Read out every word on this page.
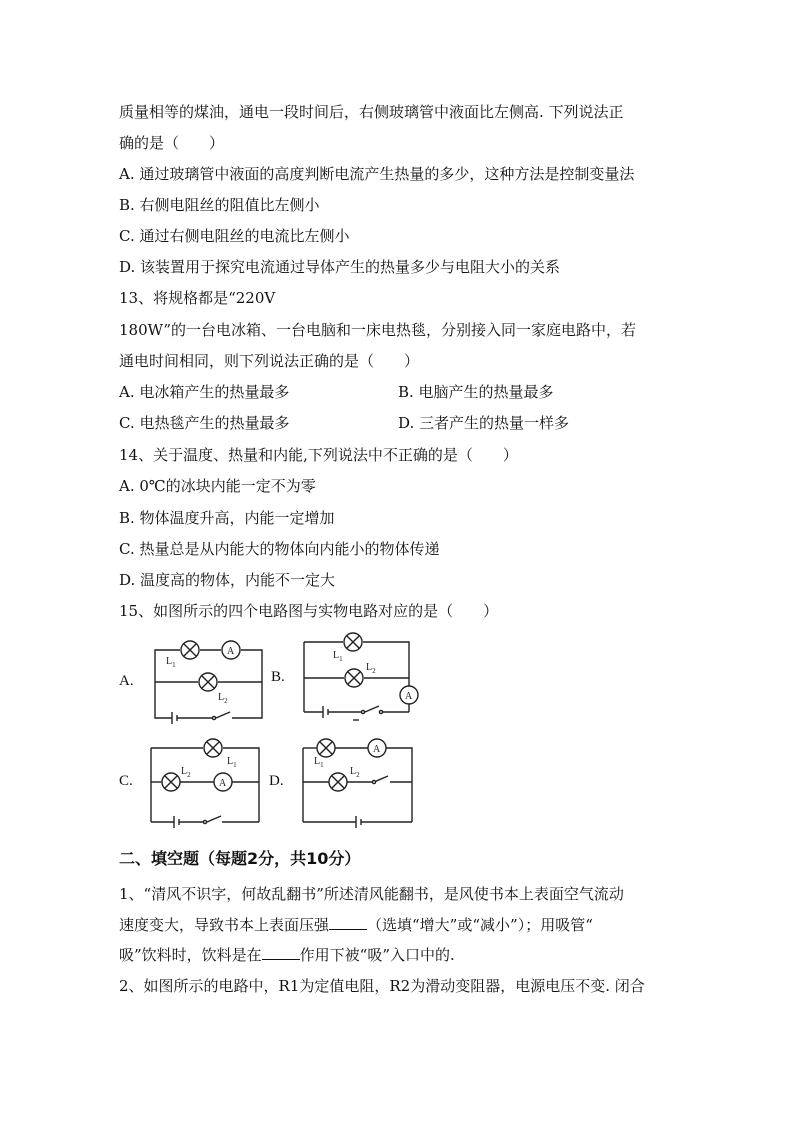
质量相等的煤油，通电一段时间后，右侧玻璃管中液面比左侧高. 下列说法正
确的是（　　）
A. 通过玻璃管中液面的高度判断电流产生热量的多少，这种方法是控制变量法
B. 右侧电阻丝的阻值比左侧小
C. 通过右侧电阻丝的电流比左侧小
D. 该装置用于探究电流通过导体产生的热量多少与电阻大小的关系
13、将规格都是“220V
180W”的一台电冰箱、一台电脑和一床电热毯，分别接入同一家庭电路中，若
通电时间相同，则下列说法正确的是（　　）
A. 电冰箱产生的热量最多	B. 电脑产生的热量最多
C. 电热毯产生的热量最多	D. 三者产生的热量一样多
14、关于温度、热量和内能,下列说法中不正确的是（　　）
A. 0℃的冰块内能一定不为零
B. 物体温度升高，内能一定增加
C. 热量总是从内能大的物体向内能小的物体传递
D. 温度高的物体，内能不一定大
15、如图所示的四个电路图与实物电路对应的是（　　）
A.	B.
C.	D.
A
$L_1$
$L_2$	A
$L_1$
$L_2$
A
$L_1$
$L_2$
A
$L_1$
$L_2$
二、填空题（每题2分，共10分）
1、“清风不识字，何故乱翻书”所述清风能翻书，是风使书本上表面空气流动
速度变大，导致书本上表面压强	（选填“增大”或“减小”）；用吸管“
吸”饮料时，饮料是在	作用下被“吸”入口中的.
2、如图所示的电路中，R1为定值电阻，R2为滑动变阻器，电源电压不变. 闭合
